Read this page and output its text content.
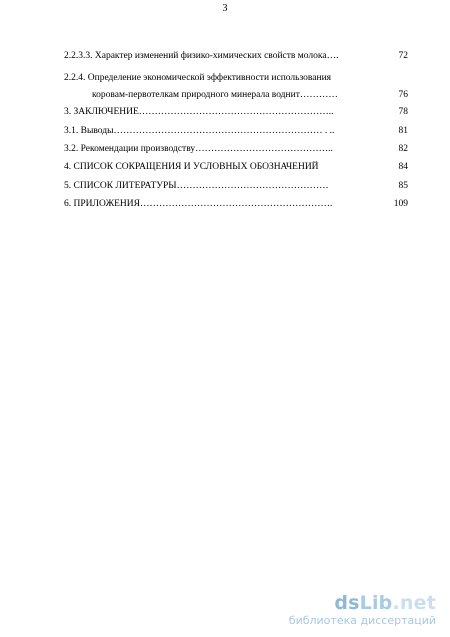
3
2.2.3.3. Характер изменений физико-химических свойств молока….	72
2.2.4. Определение экономической эффективности использования
коровам-первотелкам природного минерала воднит…………	76
3. ЗАКЛЮЧЕНИЕ……………………………………………………..	78
3.1. Выводы………………………………………………………… . ..	81
3.2. Рекомендации производству……………………………………..	82
4. СПИСОК СОКРАЩЕНИЯ И УСЛОВНЫХ ОБОЗНАЧЕНИЙ	84
5. СПИСОК ЛИТЕРАТУРЫ…………………………………………	85
6. ПРИЛОЖЕНИЯ…………………………………………………….	109
dsLib.net
библиотека диссертаций
